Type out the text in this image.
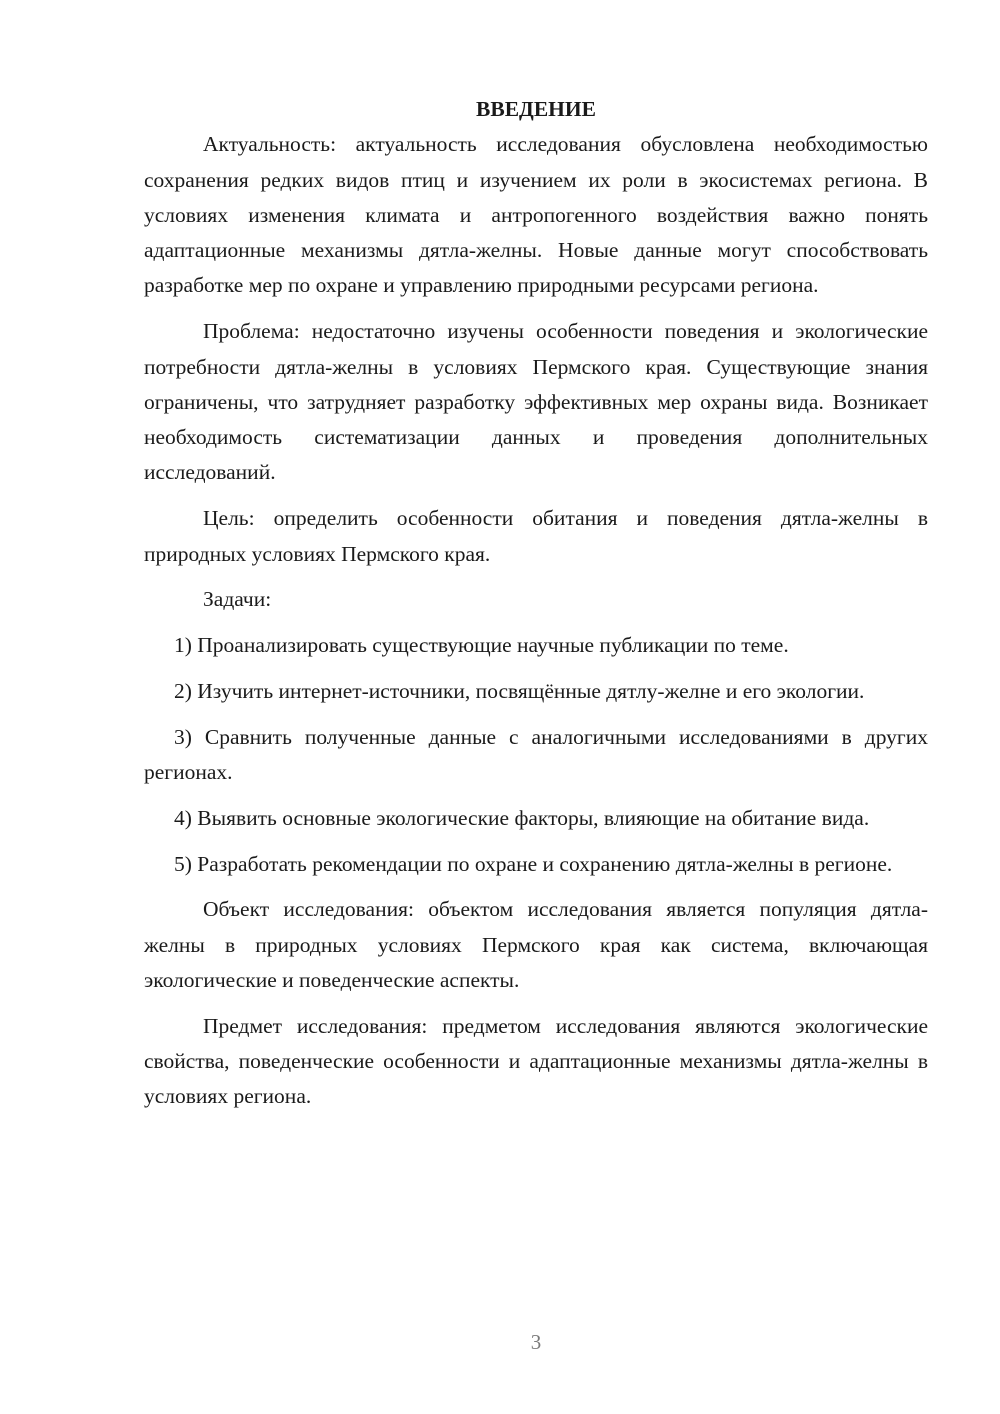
ВВЕДЕНИЕ

Актуальность: актуальность исследования обусловлена необходимостью сохранения редких видов птиц и изучением их роли в экосистемах региона. В условиях изменения климата и антропогенного воздействия важно понять адаптационные механизмы дятла-желны. Новые данные могут способствовать разработке мер по охране и управлению природными ресурсами региона.

Проблема: недостаточно изучены особенности поведения и экологические потребности дятла-желны в условиях Пермского края. Существующие знания ограничены, что затрудняет разработку эффективных мер охраны вида. Возникает необходимость систематизации данных и проведения дополнительных исследований.

Цель: определить особенности обитания и поведения дятла-желны в природных условиях Пермского края.

Задачи:

1) Проанализировать существующие научные публикации по теме.

2) Изучить интернет-источники, посвящённые дятлу-желне и его экологии.

3) Сравнить полученные данные с аналогичными исследованиями в других регионах.

4) Выявить основные экологические факторы, влияющие на обитание вида.

5) Разработать рекомендации по охране и сохранению дятла-желны в регионе.

Объект исследования: объектом исследования является популяция дятла-желны в природных условиях Пермского края как система, включающая экологические и поведенческие аспекты.

Предмет исследования: предметом исследования являются экологические свойства, поведенческие особенности и адаптационные механизмы дятла-желны в условиях региона.

3
